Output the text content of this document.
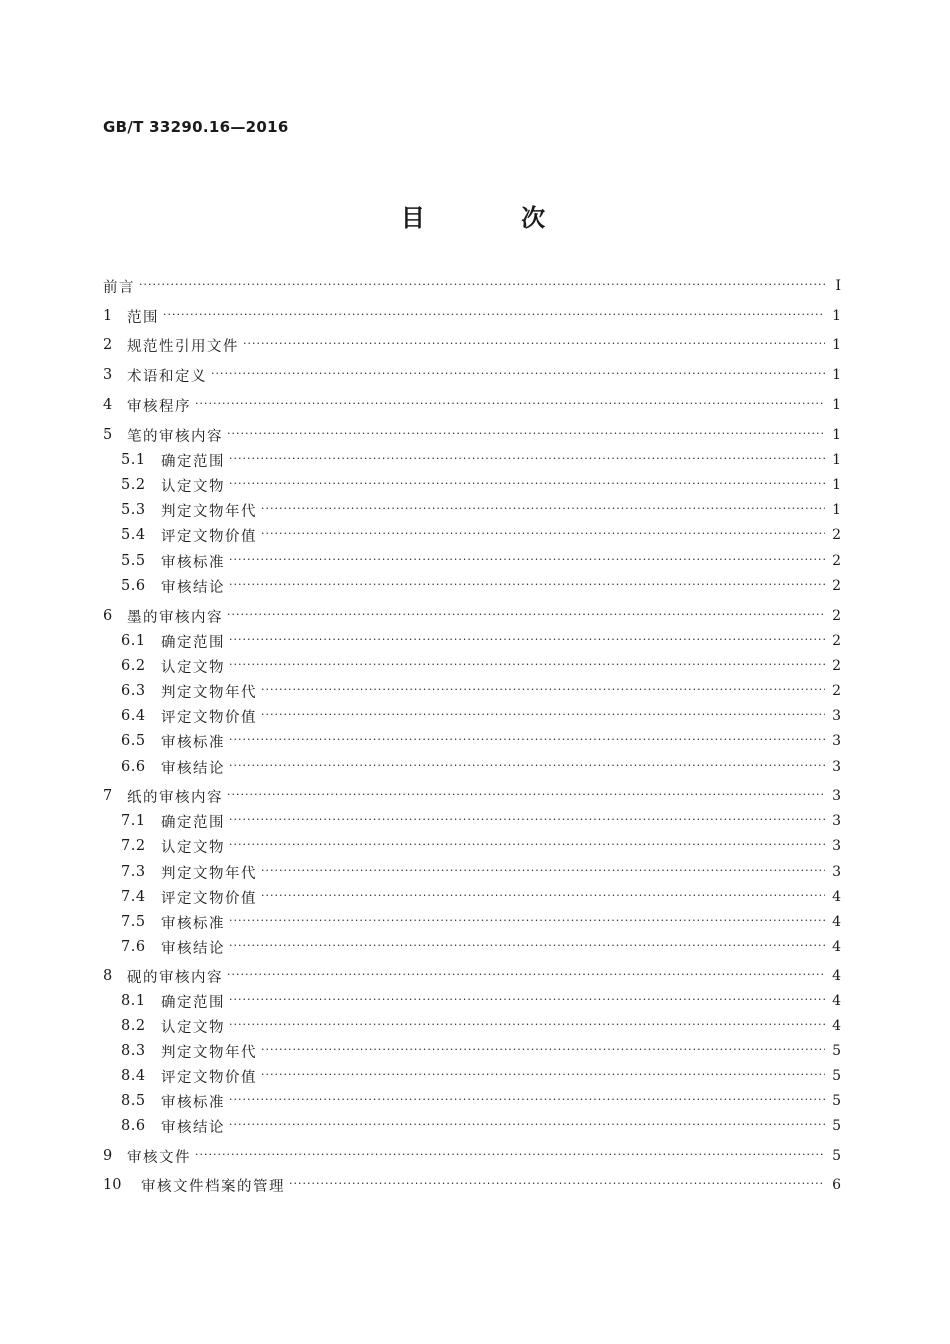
GB/T 33290.16—2016
目 次
前言 ·····	Ⅰ
1	范围 ·····	1
2	规范性引用文件 ·····	1
3	术语和定义 ·····	1
4	审核程序 ·····	1
5	笔的审核内容 ·····	1
5.1	确定范围 ·····	1
5.2	认定文物 ·····	1
5.3	判定文物年代 ·····	1
5.4	评定文物价值 ·····	2
5.5	审核标准 ·····	2
5.6	审核结论 ·····	2
6	墨的审核内容 ·····	2
6.1	确定范围 ·····	2
6.2	认定文物 ·····	2
6.3	判定文物年代 ·····	2
6.4	评定文物价值 ·····	3
6.5	审核标准 ·····	3
6.6	审核结论 ·····	3
7	纸的审核内容 ·····	3
7.1	确定范围 ·····	3
7.2	认定文物 ·····	3
7.3	判定文物年代 ·····	3
7.4	评定文物价值 ·····	4
7.5	审核标准 ·····	4
7.6	审核结论 ·····	4
8	砚的审核内容 ·····	4
8.1	确定范围 ·····	4
8.2	认定文物 ·····	4
8.3	判定文物年代 ·····	5
8.4	评定文物价值 ·····	5
8.5	审核标准 ·····	5
8.6	审核结论 ·····	5
9	审核文件 ·····	5
10	审核文件档案的管理 ·····	6
